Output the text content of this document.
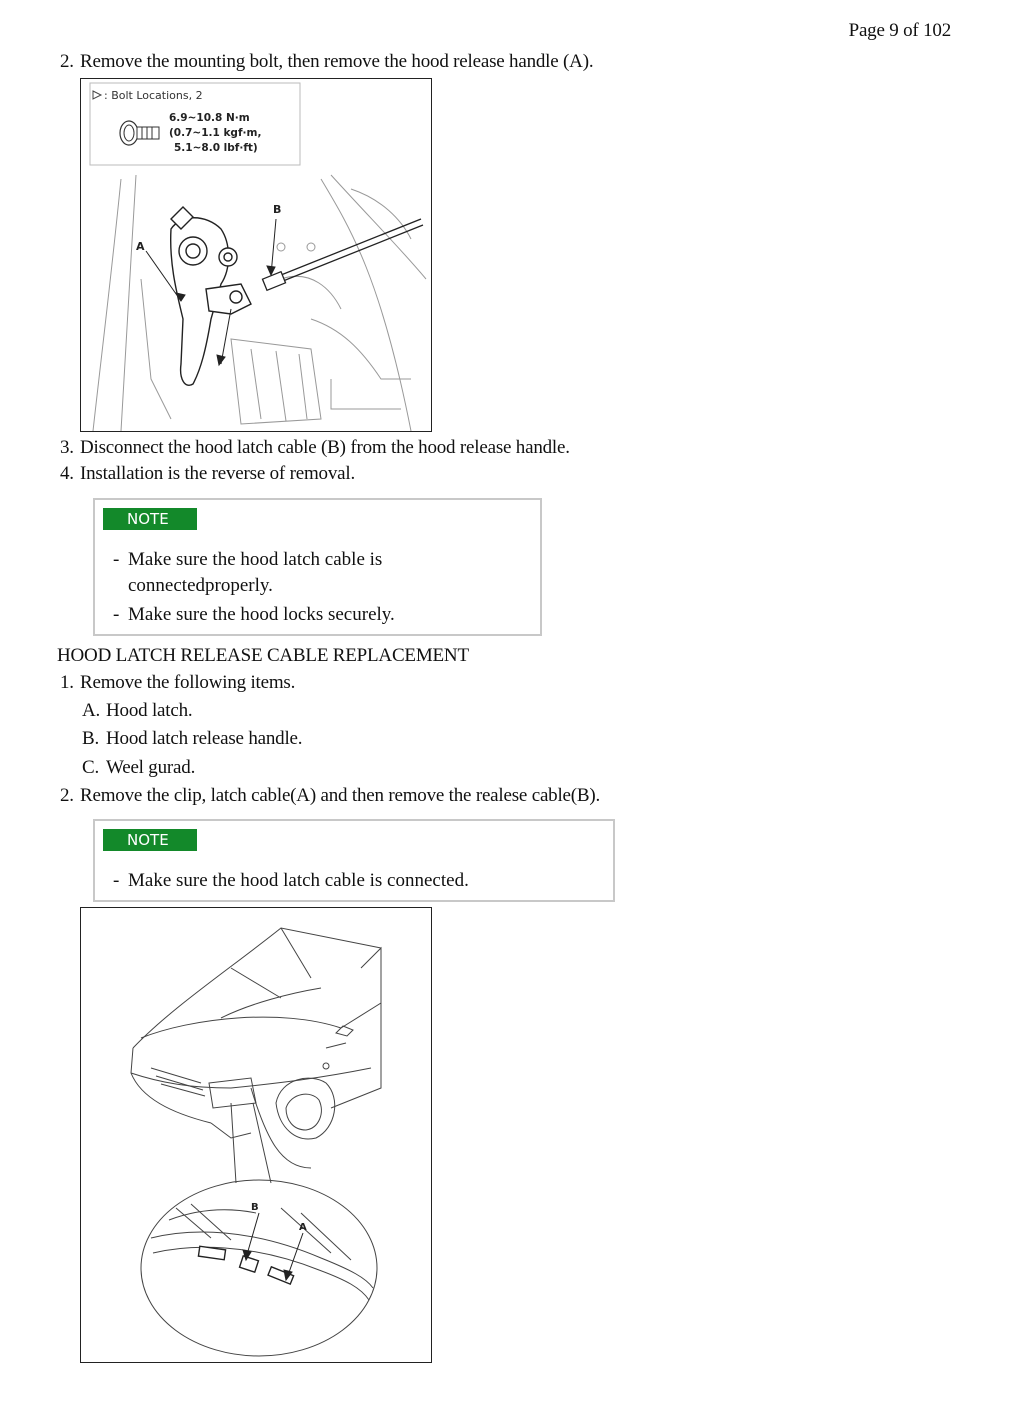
Page 9 of 102
2. Remove the mounting bolt, then remove the hood release handle (A).
: Bolt Locations, 2
6.9~10.8 N·m
(0.7~1.1 kgf·m,
5.1~8.0 lbf·ft)
A
B
3. Disconnect the hood latch cable (B) from the hood release handle.
4. Installation is the reverse of removal.
NOTE
- Make sure the hood latch cable is
connectedproperly.
- Make sure the hood locks securely.
HOOD LATCH RELEASE CABLE REPLACEMENT
1. Remove the following items.
A. Hood latch.
B. Hood latch release handle.
C. Weel gurad.
2. Remove the clip, latch cable(A) and then remove the realese cable(B).
NOTE
- Make sure the hood latch cable is connected.
B
A
